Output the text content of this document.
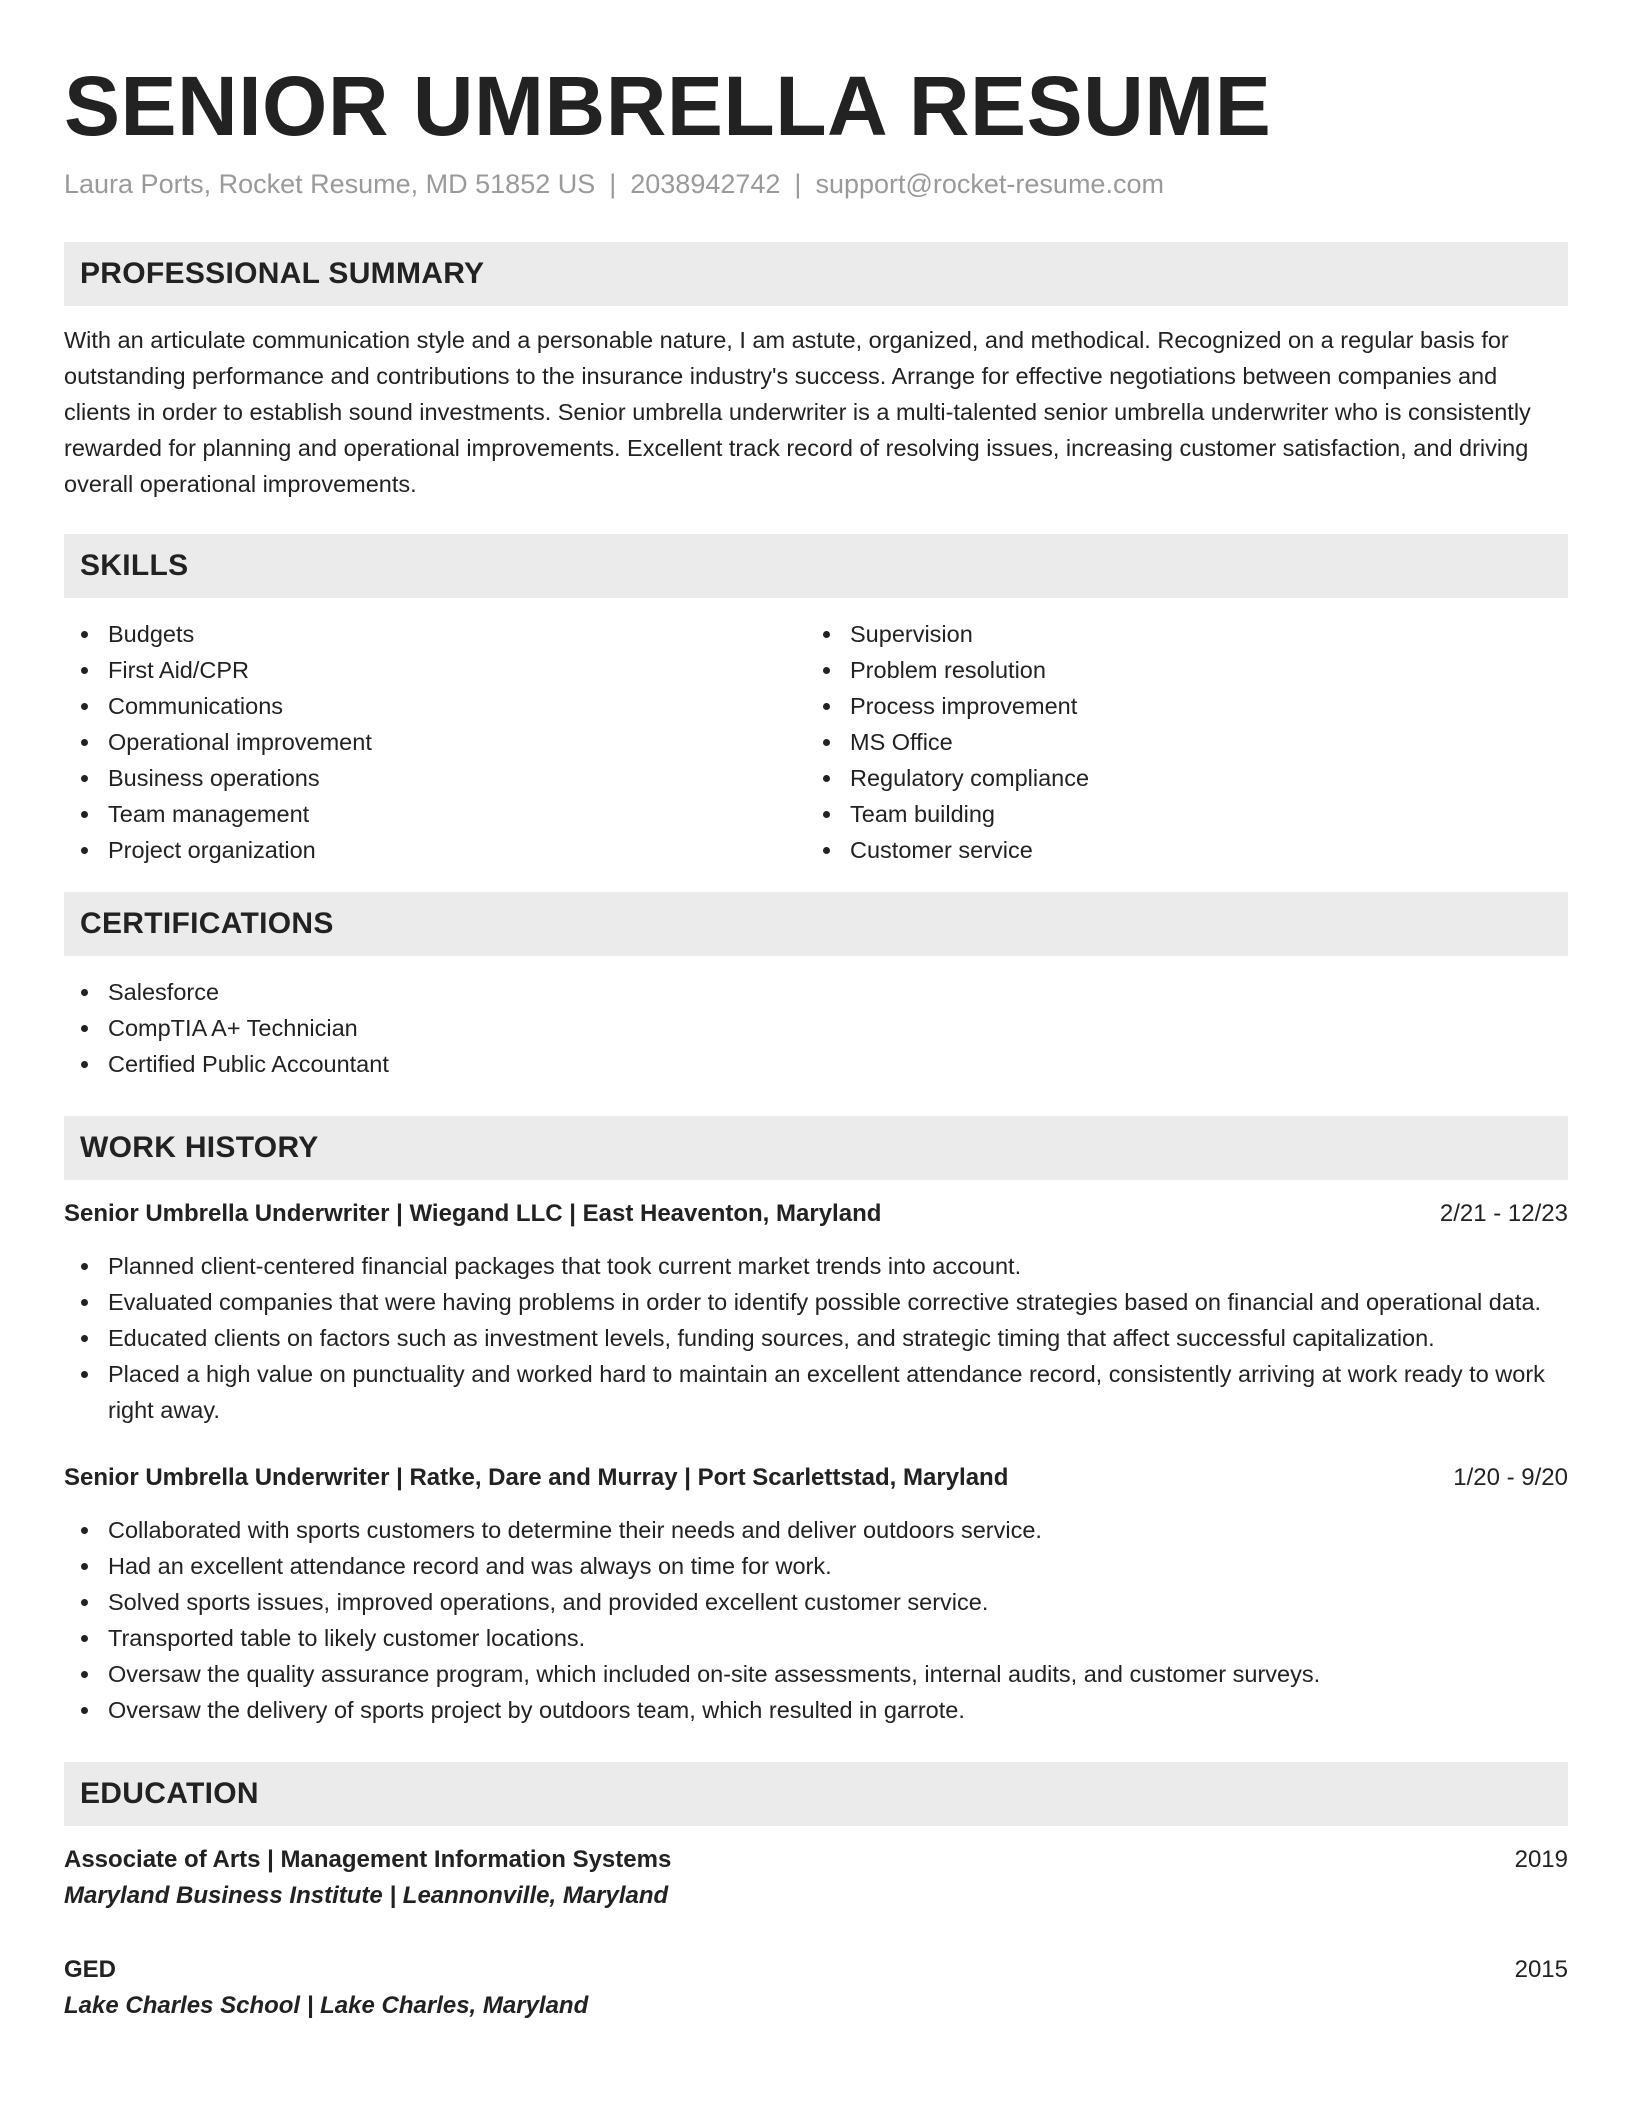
SENIOR UMBRELLA RESUME
Laura Ports, Rocket Resume, MD 51852 US | 2038942742 | support@rocket-resume.com
PROFESSIONAL SUMMARY

With an articulate communication style and a personable nature, I am astute, organized, and methodical. Recognized on a regular basis for outstanding performance and contributions to the insurance industry's success. Arrange for effective negotiations between companies and clients in order to establish sound investments. Senior umbrella underwriter is a multi-talented senior umbrella underwriter who is consistently rewarded for planning and operational improvements. Excellent track record of resolving issues, increasing customer satisfaction, and driving overall operational improvements.

SKILLS
Budgets
First Aid/CPR
Communications
Operational improvement
Business operations
Team management
Project organization
Supervision
Problem resolution
Process improvement
MS Office
Regulatory compliance
Team building
Customer service
CERTIFICATIONS
Salesforce
CompTIA A+ Technician
Certified Public Accountant
WORK HISTORY
Senior Umbrella Underwriter | Wiegand LLC | East Heaventon, Maryland	2/21 - 12/23
Planned client-centered financial packages that took current market trends into account.
Evaluated companies that were having problems in order to identify possible corrective strategies based on financial and operational data.
Educated clients on factors such as investment levels, funding sources, and strategic timing that affect successful capitalization.
Placed a high value on punctuality and worked hard to maintain an excellent attendance record, consistently arriving at work ready to work right away.
Senior Umbrella Underwriter | Ratke, Dare and Murray | Port Scarlettstad, Maryland	1/20 - 9/20
Collaborated with sports customers to determine their needs and deliver outdoors service.
Had an excellent attendance record and was always on time for work.
Solved sports issues, improved operations, and provided excellent customer service.
Transported table to likely customer locations.
Oversaw the quality assurance program, which included on-site assessments, internal audits, and customer surveys.
Oversaw the delivery of sports project by outdoors team, which resulted in garrote.
EDUCATION
Associate of Arts | Management Information Systems	2019
Maryland Business Institute | Leannonville, Maryland
GED	2015
Lake Charles School | Lake Charles, Maryland
